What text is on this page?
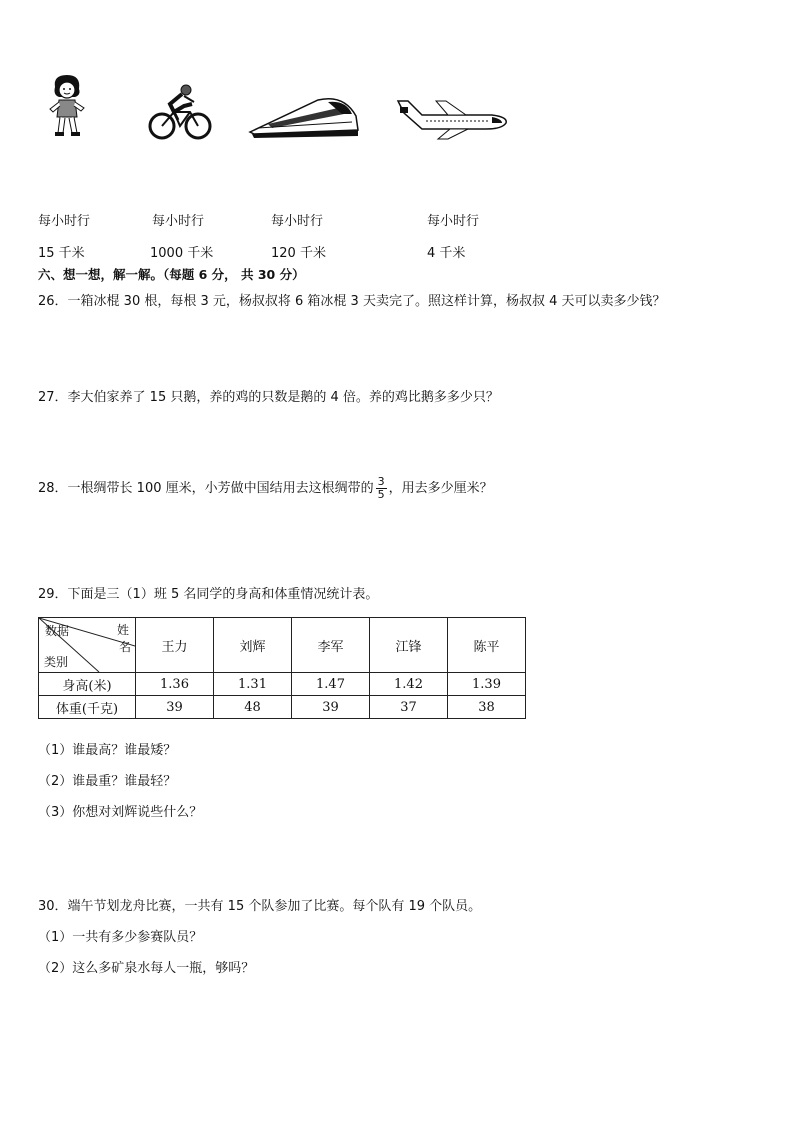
每小时行	每小时行	每小时行	每小时行
15 千米	1000 千米	120 千米	4 千米
六、想一想，解一解。（每题 6 分， 共 30 分）
26．一箱冰棍 30 根，每根 3 元，杨叔叔将 6 箱冰棍 3 天卖完了。照这样计算，杨叔叔 4 天可以卖多少钱？
27．李大伯家养了 15 只鹅，养的鸡的只数是鹅的 4 倍。养的鸡比鹅多多少只？
28．一根绸带长 100 厘米，小芳做中国结用去这根绸带的 $\frac{3}{5}$ ，用去多少厘米？
29．下面是三（1）班 5 名同学的身高和体重情况统计表。
数据 姓
名
类别	王力	刘辉	李军	江锋	陈平
身高(米)	1.36	1.31	1.47	1.42	1.39
体重(千克)	39	48	39	37	38
（1）谁最高？谁最矮？
（2）谁最重？谁最轻？
（3）你想对刘辉说些什么？
30．端午节划龙舟比赛，一共有 15 个队参加了比赛。每个队有 19 个队员。
（1）一共有多少参赛队员？
（2）这么多矿泉水每人一瓶，够吗？
